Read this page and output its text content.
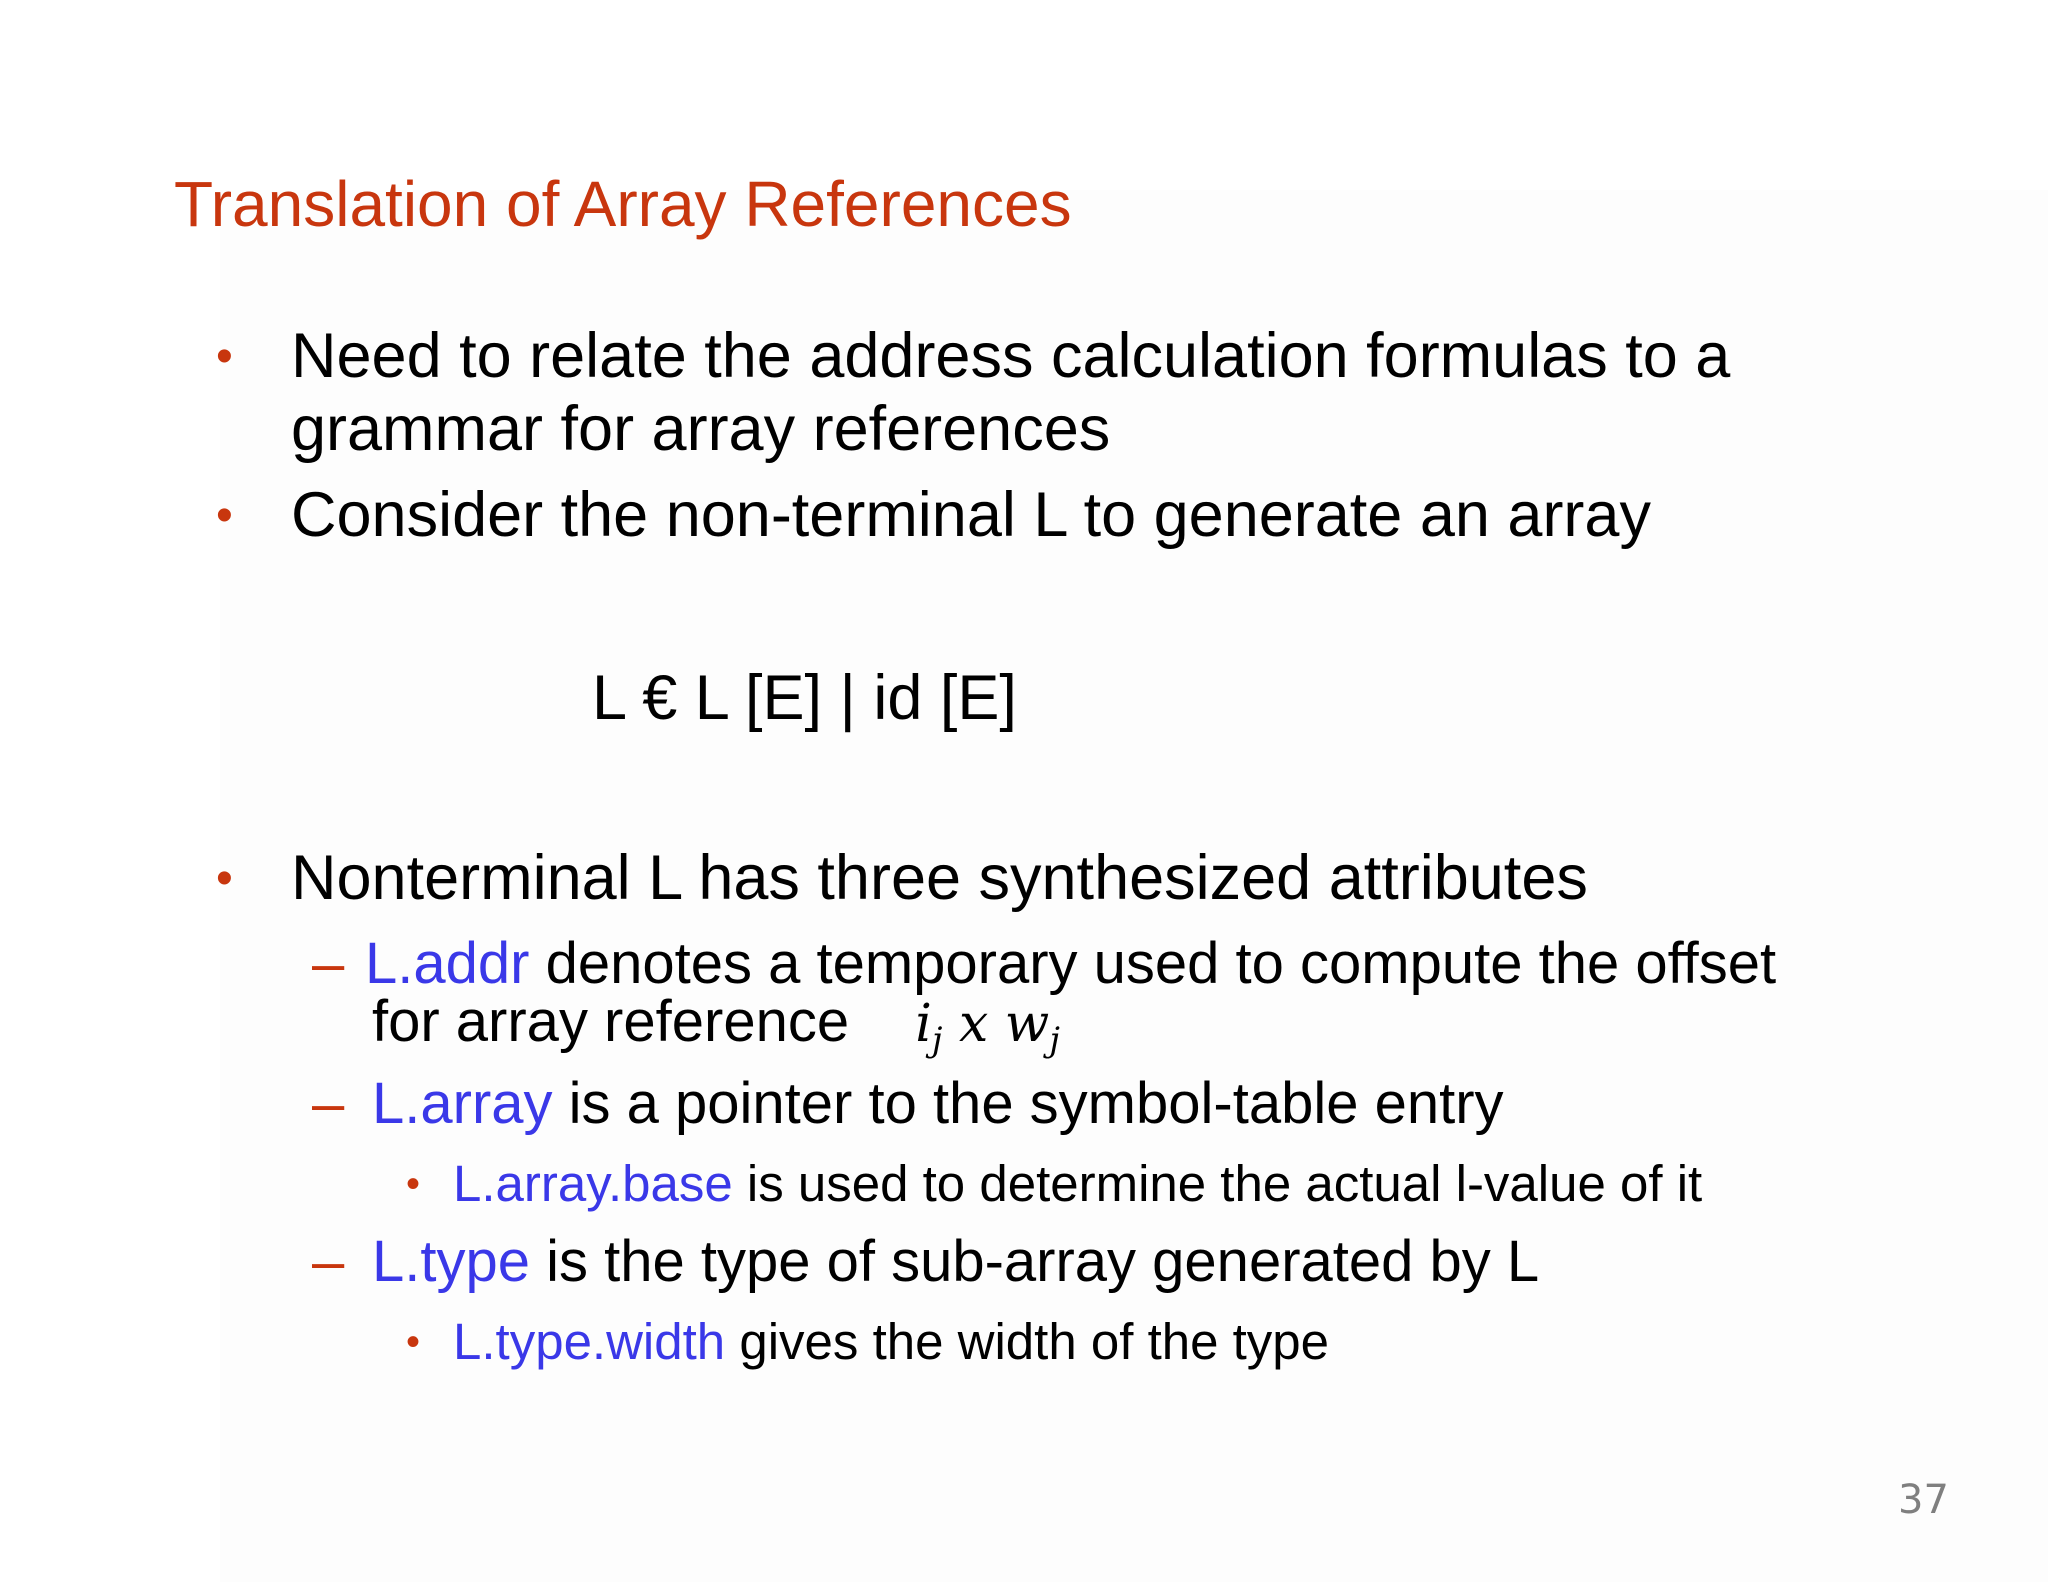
Translation of Array References
• Need to relate the address calculation formulas to a
grammar for array references
• Consider the non-terminal L to generate an array
L € L [E] | id [E]
• Nonterminal L has three synthesized attributes
– L.addr denotes a temporary used to compute the offset
for array reference $i_j$ x $w_j$
– L.array is a pointer to the symbol-table entry
• L.array.base is used to determine the actual l-value of it
– L.type is the type of sub-array generated by L
• L.type.width gives the width of the type
37
